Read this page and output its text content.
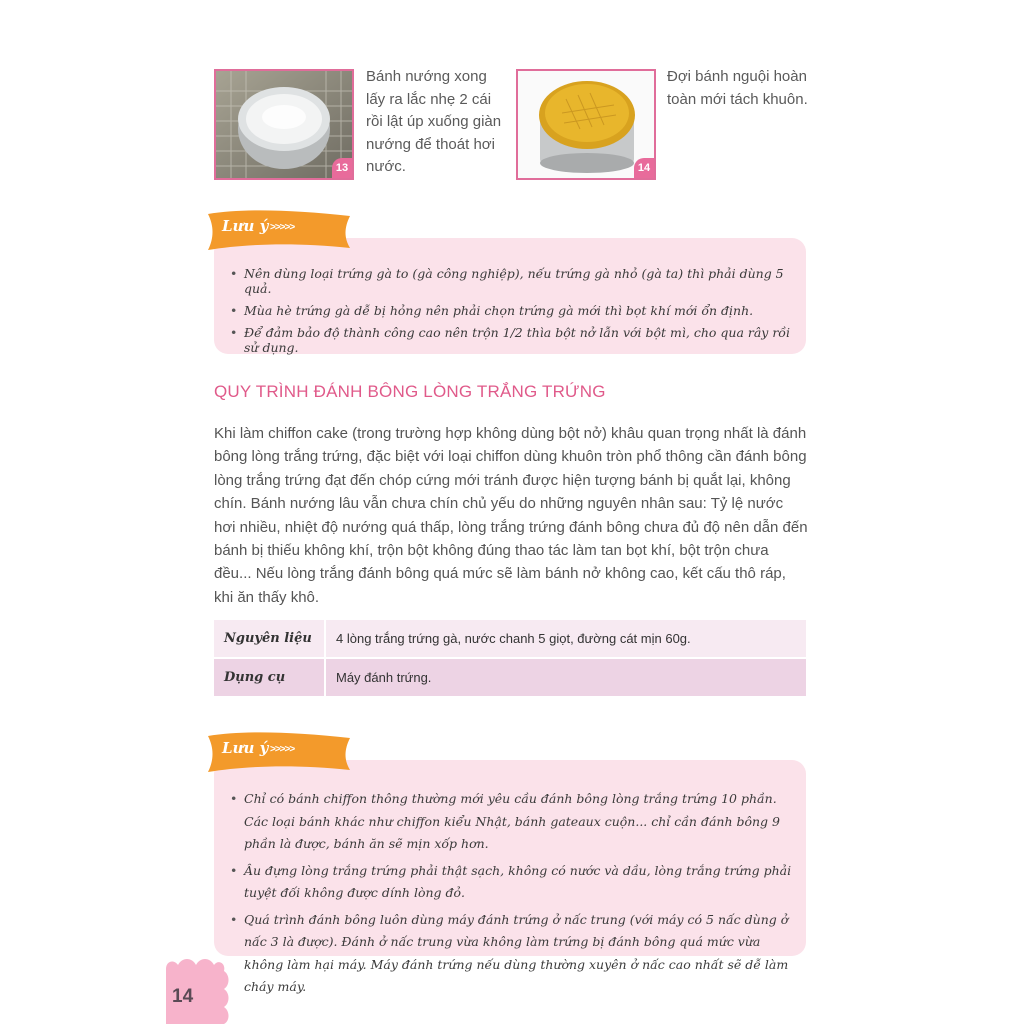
13
Bánh nướng xong lấy ra lắc nhẹ 2 cái rồi lật úp xuống giàn nướng để thoát hơi nước.	14
Đợi bánh nguội hoàn toàn mới tách khuôn.
• Nên dùng loại trứng gà to (gà công nghiệp), nếu trứng gà nhỏ (gà ta) thì phải dùng 5 quả.
• Mùa hè trứng gà dễ bị hỏng nên phải chọn trứng gà mới thì bọt khí mới ổn định.
• Để đảm bảo độ thành công cao nên trộn 1/2 thìa bột nở lẫn với bột mì, cho qua rây rồi sử dụng.
Lưu ý >>>>>
QUY TRÌNH ĐÁNH BÔNG LÒNG TRẮNG TRỨNG
Khi làm chiffon cake (trong trường hợp không dùng bột nở) khâu quan trọng nhất là đánh bông lòng trắng trứng, đặc biệt với loại chiffon dùng khuôn tròn phổ thông cần đánh bông lòng trắng trứng đạt đến chóp cứng mới tránh được hiện tượng bánh bị quắt lại, không chín. Bánh nướng lâu vẫn chưa chín chủ yếu do những nguyên nhân sau: Tỷ lệ nước hơi nhiều, nhiệt độ nướng quá thấp, lòng trắng trứng đánh bông chưa đủ độ nên dẫn đến bánh bị thiếu không khí, trộn bột không đúng thao tác làm tan bọt khí, bột trộn chưa đều... Nếu lòng trắng đánh bông quá mức sẽ làm bánh nở không cao, kết cấu thô ráp, khi ăn thấy khô.
Nguyên liệu	4 lòng trắng trứng gà, nước chanh 5 giọt, đường cát mịn 60g.
Dụng cụ	Máy đánh trứng.
• Chỉ có bánh chiffon thông thường mới yêu cầu đánh bông lòng trắng trứng 10 phần. Các loại bánh khác như chiffon kiểu Nhật, bánh gateaux cuộn... chỉ cần đánh bông 9 phần là được, bánh ăn sẽ mịn xốp hơn.
• Âu đựng lòng trắng trứng phải thật sạch, không có nước và dầu, lòng trắng trứng phải tuyệt đối không được dính lòng đỏ.
• Quá trình đánh bông luôn dùng máy đánh trứng ở nấc trung (với máy có 5 nấc dùng ở nấc 3 là được). Đánh ở nấc trung vừa không làm trứng bị đánh bông quá mức vừa không làm hại máy. Máy đánh trứng nếu dùng thường xuyên ở nấc cao nhất sẽ dễ làm cháy máy.
Lưu ý >>>>>
14
